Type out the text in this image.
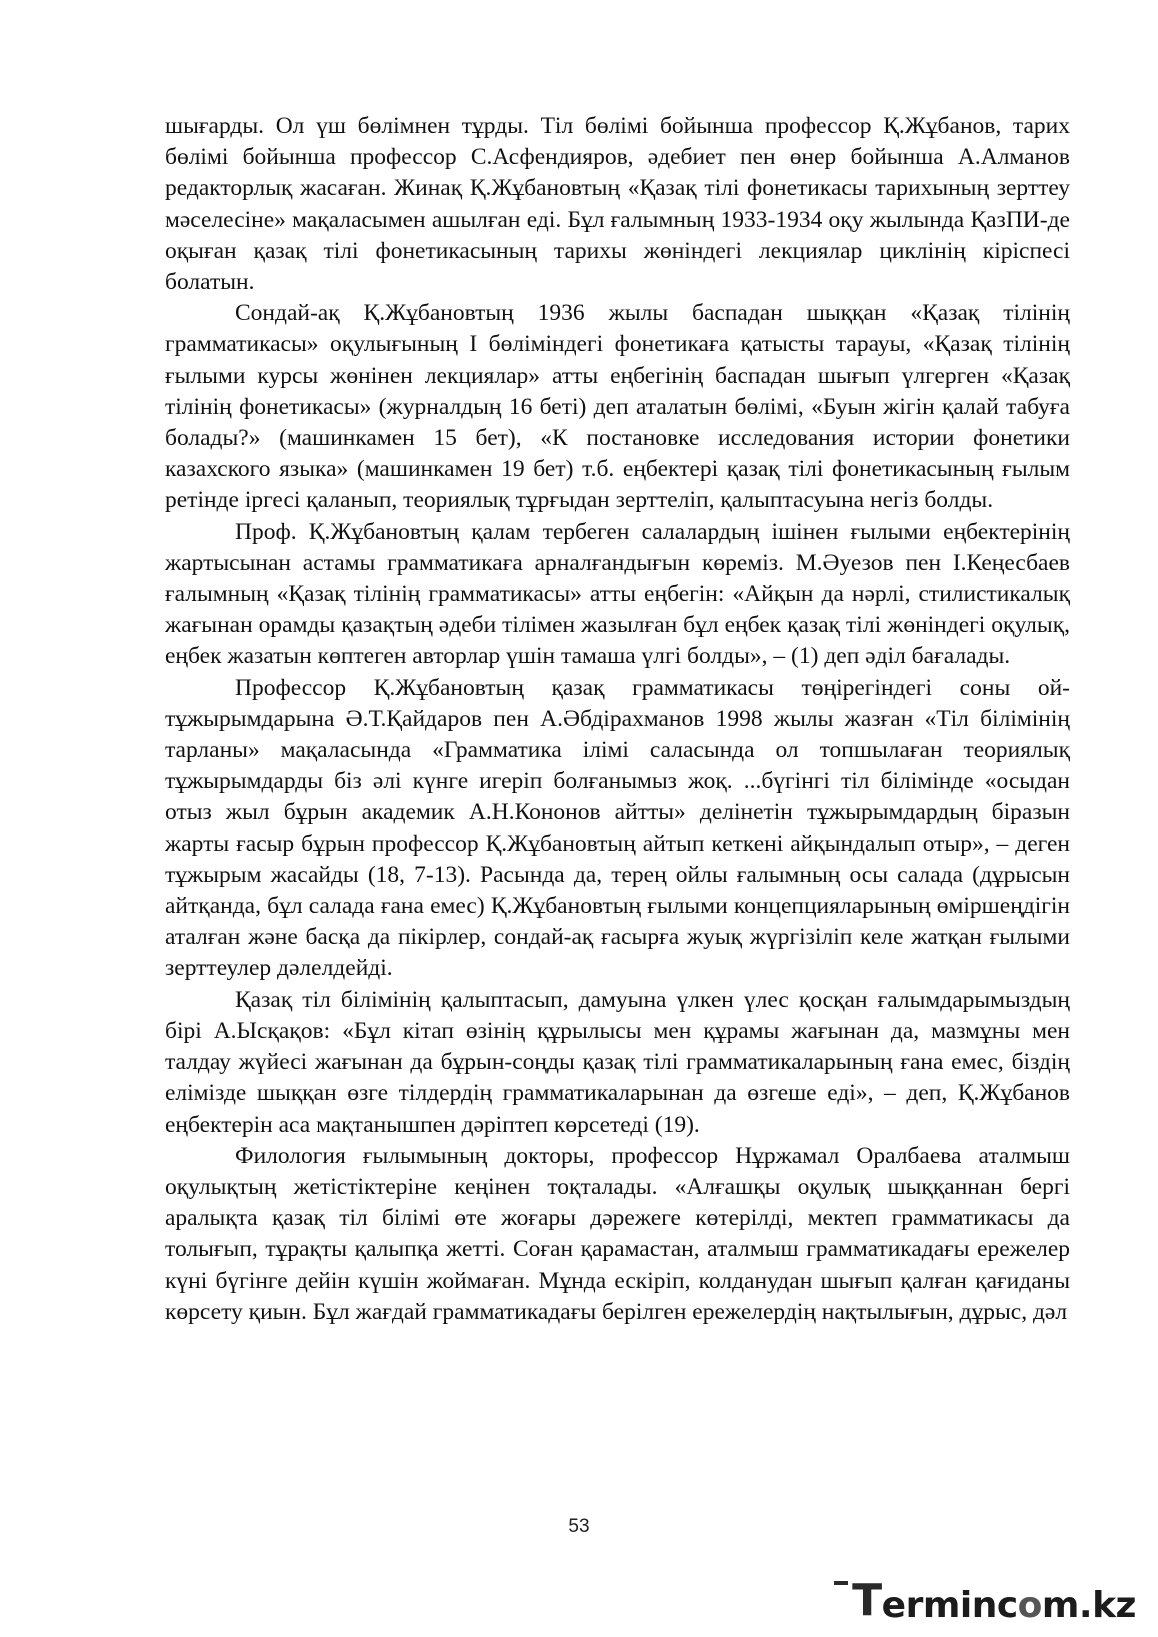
шығарды. Ол үш бөлімнен тұрды. Тіл бөлімі бойынша профессор Қ.Жұбанов, тарих бөлімі бойынша профессор С.Асфендияров, әдебиет пен өнер бойынша А.Алманов редакторлық жасаған. Жинақ Қ.Жұбановтың «Қазақ тілі фонетикасы тарихының зерттеу мәселесіне» мақаласымен ашылған еді. Бұл ғалымның 1933-1934 оқу жылында ҚазПИ-де оқыған қазақ тілі фонетикасының тарихы жөніндегі лекциялар циклінің кіріспесі болатын.

Сондай-ақ Қ.Жұбановтың 1936 жылы баспадан шыққан «Қазақ тілінің грамматикасы» оқулығының І бөліміндегі фонетикаға қатысты тарауы, «Қазақ тілінің ғылыми курсы жөнінен лекциялар» атты еңбегінің баспадан шығып үлгерген «Қазақ тілінің фонетикасы» (журналдың 16 беті) деп аталатын бөлімі, «Буын жігін қалай табуға болады?» (машинкамен 15 бет), «К постановке исследования истории фонетики казахского языка» (машинкамен 19 бет) т.б. еңбектері қазақ тілі фонетикасының ғылым ретінде іргесі қаланып, теориялық тұрғыдан зерттеліп, қалыптасуына негіз болды.

Проф. Қ.Жұбановтың қалам тербеген салалардың ішінен ғылыми еңбектерінің жартысынан астамы грамматикаға арналғандығын көреміз. М.Әуезов пен І.Кеңесбаев ғалымның «Қазақ тілінің грамматикасы» атты еңбегін: «Айқын да нәрлі, стилистикалық жағынан орамды қазақтың әдеби тілімен жазылған бұл еңбек қазақ тілі жөніндегі оқулық, еңбек жазатын көптеген авторлар үшін тамаша үлгі болды», – (1) деп әділ бағалады.

Профессор Қ.Жұбановтың қазақ грамматикасы төңірегіндегі соны ой-тұжырымдарына Ә.Т.Қайдаров пен А.Әбдірахманов 1998 жылы жазған «Тіл білімінің тарланы» мақаласында «Грамматика ілімі саласында ол топшылаған теориялық тұжырымдарды біз әлі күнге игеріп болғанымыз жоқ. ...бүгінгі тіл білімінде «осыдан отыз жыл бұрын академик А.Н.Кононов айтты» делінетін тұжырымдардың біразын жарты ғасыр бұрын профессор Қ.Жұбановтың айтып кеткені айқындалып отыр», – деген тұжырым жасайды (18, 7-13). Расында да, терең ойлы ғалымның осы салада (дұрысын айтқанда, бұл салада ғана емес) Қ.Жұбановтың ғылыми концепцияларының өміршеңдігін аталған және басқа да пікірлер, сондай-ақ ғасырға жуық жүргізіліп келе жатқан ғылыми зерттеулер дәлелдейді.

Қазақ тіл білімінің қалыптасып, дамуына үлкен үлес қосқан ғалымдарымыздың бірі А.Ысқақов: «Бұл кітап өзінің құрылысы мен құрамы жағынан да, мазмұны мен талдау жүйесі жағынан да бұрын-соңды қазақ тілі грамматикаларының ғана емес, біздің елімізде шыққан өзге тілдердің грамматикаларынан да өзгеше еді», – деп, Қ.Жұбанов еңбектерін аса мақтанышпен дәріптеп көрсетеді (19).

Филология ғылымының докторы, профессор Нұржамал Оралбаева аталмыш оқулықтың жетістіктеріне кеңінен тоқталады. «Алғашқы оқулық шыққаннан бергі аралықта қазақ тіл білімі өте жоғары дәрежеге көтерілді, мектеп грамматикасы да толығып, тұрақты қалыпқа жетті. Соған қарамастан, аталмыш грамматикадағы ережелер күні бүгінге дейін күшін жоймаған. Мұнда ескіріп, колданудан шығып қалған қағиданы көрсету қиын. Бұл жағдай грамматикадағы берілген ережелердің нақтылығын, дұрыс, дәл

53
T erminc o m.kz
